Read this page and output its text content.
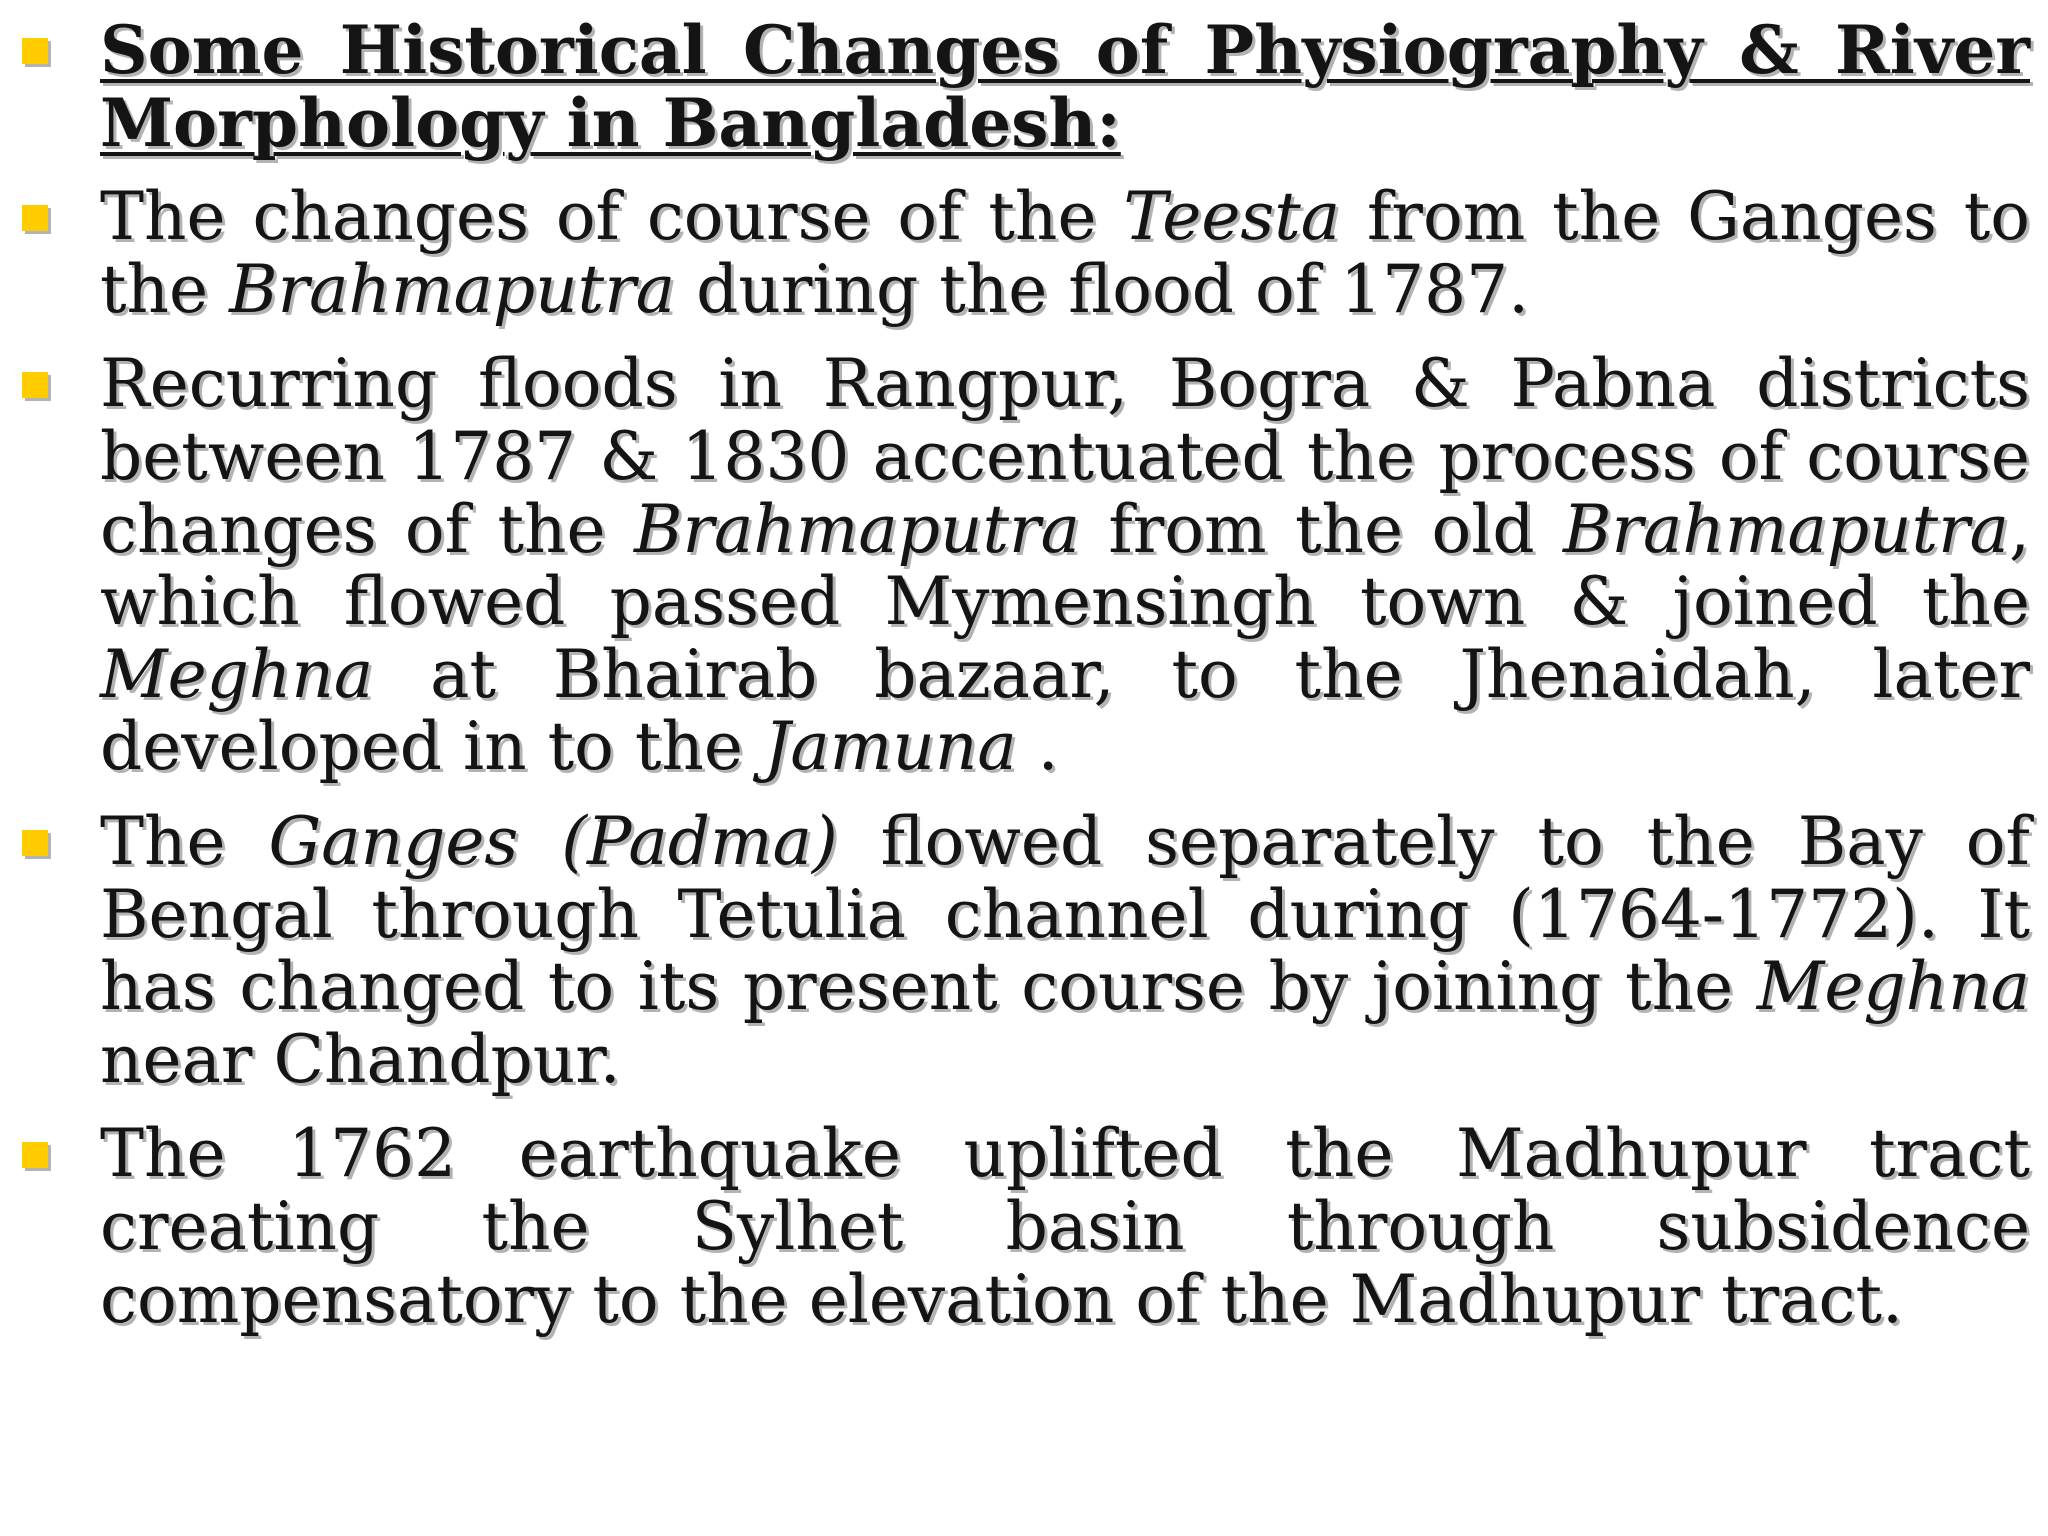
Some Historical Changes of Physiography & River Morphology in Bangladesh:
The changes of course of the Teesta from the Ganges to the Brahmaputra during the flood of 1787.
Recurring floods in Rangpur, Bogra & Pabna districts between 1787 & 1830 accentuated the process of course changes of the Brahmaputra from the old Brahmaputra, which flowed passed Mymensingh town & joined the Meghna at Bhairab bazaar, to the Jhenaidah, later developed in to the Jamuna .
The Ganges (Padma) flowed separately to the Bay of Bengal through Tetulia channel during (1764-1772). It has changed to its present course by joining the Meghna near Chandpur.
The 1762 earthquake uplifted the Madhupur tract creating the Sylhet basin through subsidence compensatory to the elevation of the Madhupur tract.
